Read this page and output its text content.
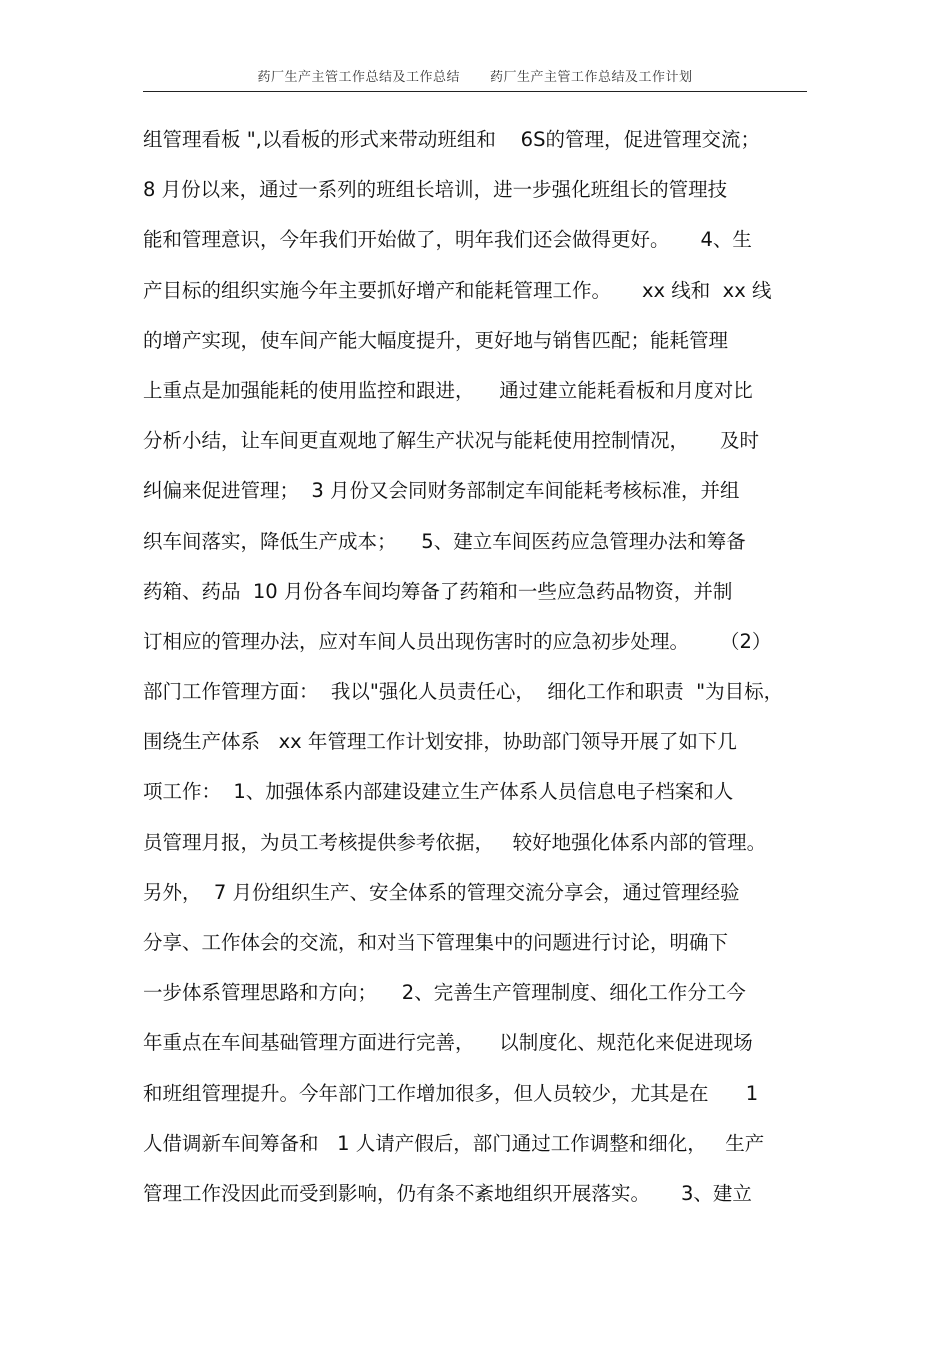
药厂生产主管工作总结及工作总结 药厂生产主管工作总结及工作计划
组管理看板 ",以看板的形式来带动班组和    6S的管理，促进管理交流；
8 月份以来，通过一系列的班组长培训，进一步强化班组长的管理技
能和管理意识，今年我们开始做了，明年我们还会做得更好。     4、生
产目标的组织实施今年主要抓好增产和能耗管理工作。     xx 线和  xx 线
的增产实现，使车间产能大幅度提升，更好地与销售匹配；能耗管理
上重点是加强能耗的使用监控和跟进，    通过建立能耗看板和月度对比
分析小结，让车间更直观地了解生产状况与能耗使用控制情况，     及时
纠偏来促进管理；  3 月份又会同财务部制定车间能耗考核标准，并组
织车间落实，降低生产成本；    5、建立车间医药应急管理办法和筹备
药箱、药品  10 月份各车间均筹备了药箱和一些应急药品物资，并制
订相应的管理办法，应对车间人员出现伤害时的应急初步处理。     （2）
部门工作管理方面：  我以"强化人员责任心，  细化工作和职责  "为目标，
围绕生产体系   xx 年管理工作计划安排，协助部门领导开展了如下几
项工作：  1、加强体系内部建设建立生产体系人员信息电子档案和人
员管理月报，为员工考核提供参考依据，   较好地强化体系内部的管理。
另外，  7 月份组织生产、安全体系的管理交流分享会，通过管理经验
分享、工作体会的交流，和对当下管理集中的问题进行讨论，明确下
一步体系管理思路和方向；    2、完善生产管理制度、细化工作分工今
年重点在车间基础管理方面进行完善，    以制度化、规范化来促进现场
和班组管理提升。今年部门工作增加很多，但人员较少，尤其是在      1
人借调新车间筹备和   1 人请产假后，部门通过工作调整和细化，   生产
管理工作没因此而受到影响，仍有条不紊地组织开展落实。     3、建立
